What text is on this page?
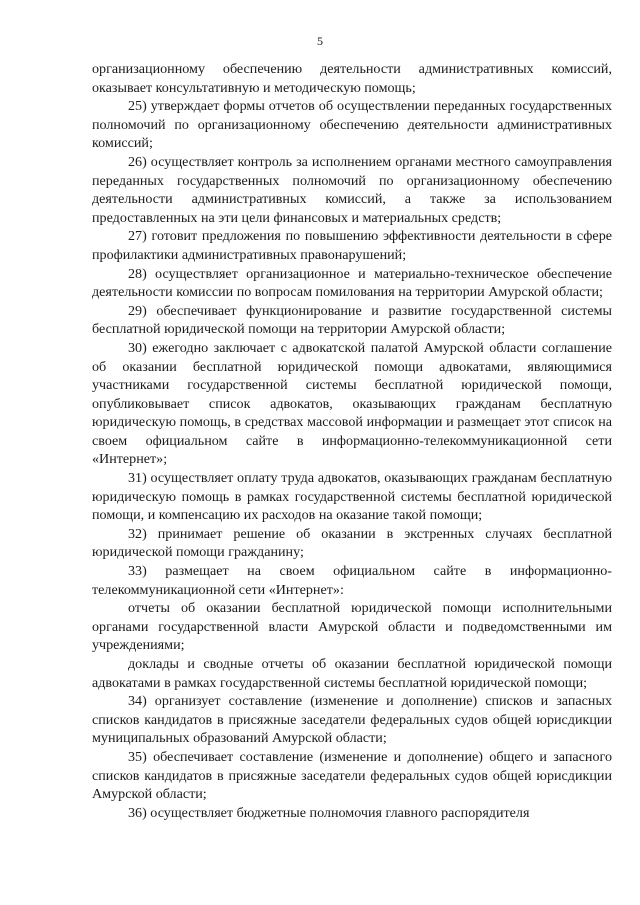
5

организационному обеспечению деятельности административных комиссий, оказывает консультативную и методическую помощь;

25) утверждает формы отчетов об осуществлении переданных государственных полномочий по организационному обеспечению деятельности административных комиссий;

26) осуществляет контроль за исполнением органами местного самоуправления переданных государственных полномочий по организационному обеспечению деятельности административных комиссий, а также за использованием предоставленных на эти цели финансовых и материальных средств;

27) готовит предложения по повышению эффективности деятельности в сфере профилактики административных правонарушений;

28) осуществляет организационное и материально-техническое обеспечение деятельности комиссии по вопросам помилования на территории Амурской области;

29) обеспечивает функционирование и развитие государственной системы бесплатной юридической помощи на территории Амурской области;

30) ежегодно заключает с адвокатской палатой Амурской области соглашение об оказании бесплатной юридической помощи адвокатами, являющимися участниками государственной системы бесплатной юридической помощи, опубликовывает список адвокатов, оказывающих гражданам бесплатную юридическую помощь, в средствах массовой информации и размещает этот список на своем официальном сайте в информационно-телекоммуникационной сети «Интернет»;

31) осуществляет оплату труда адвокатов, оказывающих гражданам бесплатную юридическую помощь в рамках государственной системы бесплатной юридической помощи, и компенсацию их расходов на оказание такой помощи;

32) принимает решение об оказании в экстренных случаях бесплатной юридической помощи гражданину;

33) размещает на своем официальном сайте в информационно-телекоммуникационной сети «Интернет»:

отчеты об оказании бесплатной юридической помощи исполнительными органами государственной власти Амурской области и подведомственными им учреждениями;

доклады и сводные отчеты об оказании бесплатной юридической помощи адвокатами в рамках государственной системы бесплатной юридической помощи;

34) организует составление (изменение и дополнение) списков и запасных списков кандидатов в присяжные заседатели федеральных судов общей юрисдикции муниципальных образований Амурской области;

35) обеспечивает составление (изменение и дополнение) общего и запасного списков кандидатов в присяжные заседатели федеральных судов общей юрисдикции Амурской области;

36) осуществляет бюджетные полномочия главного распорядителя
